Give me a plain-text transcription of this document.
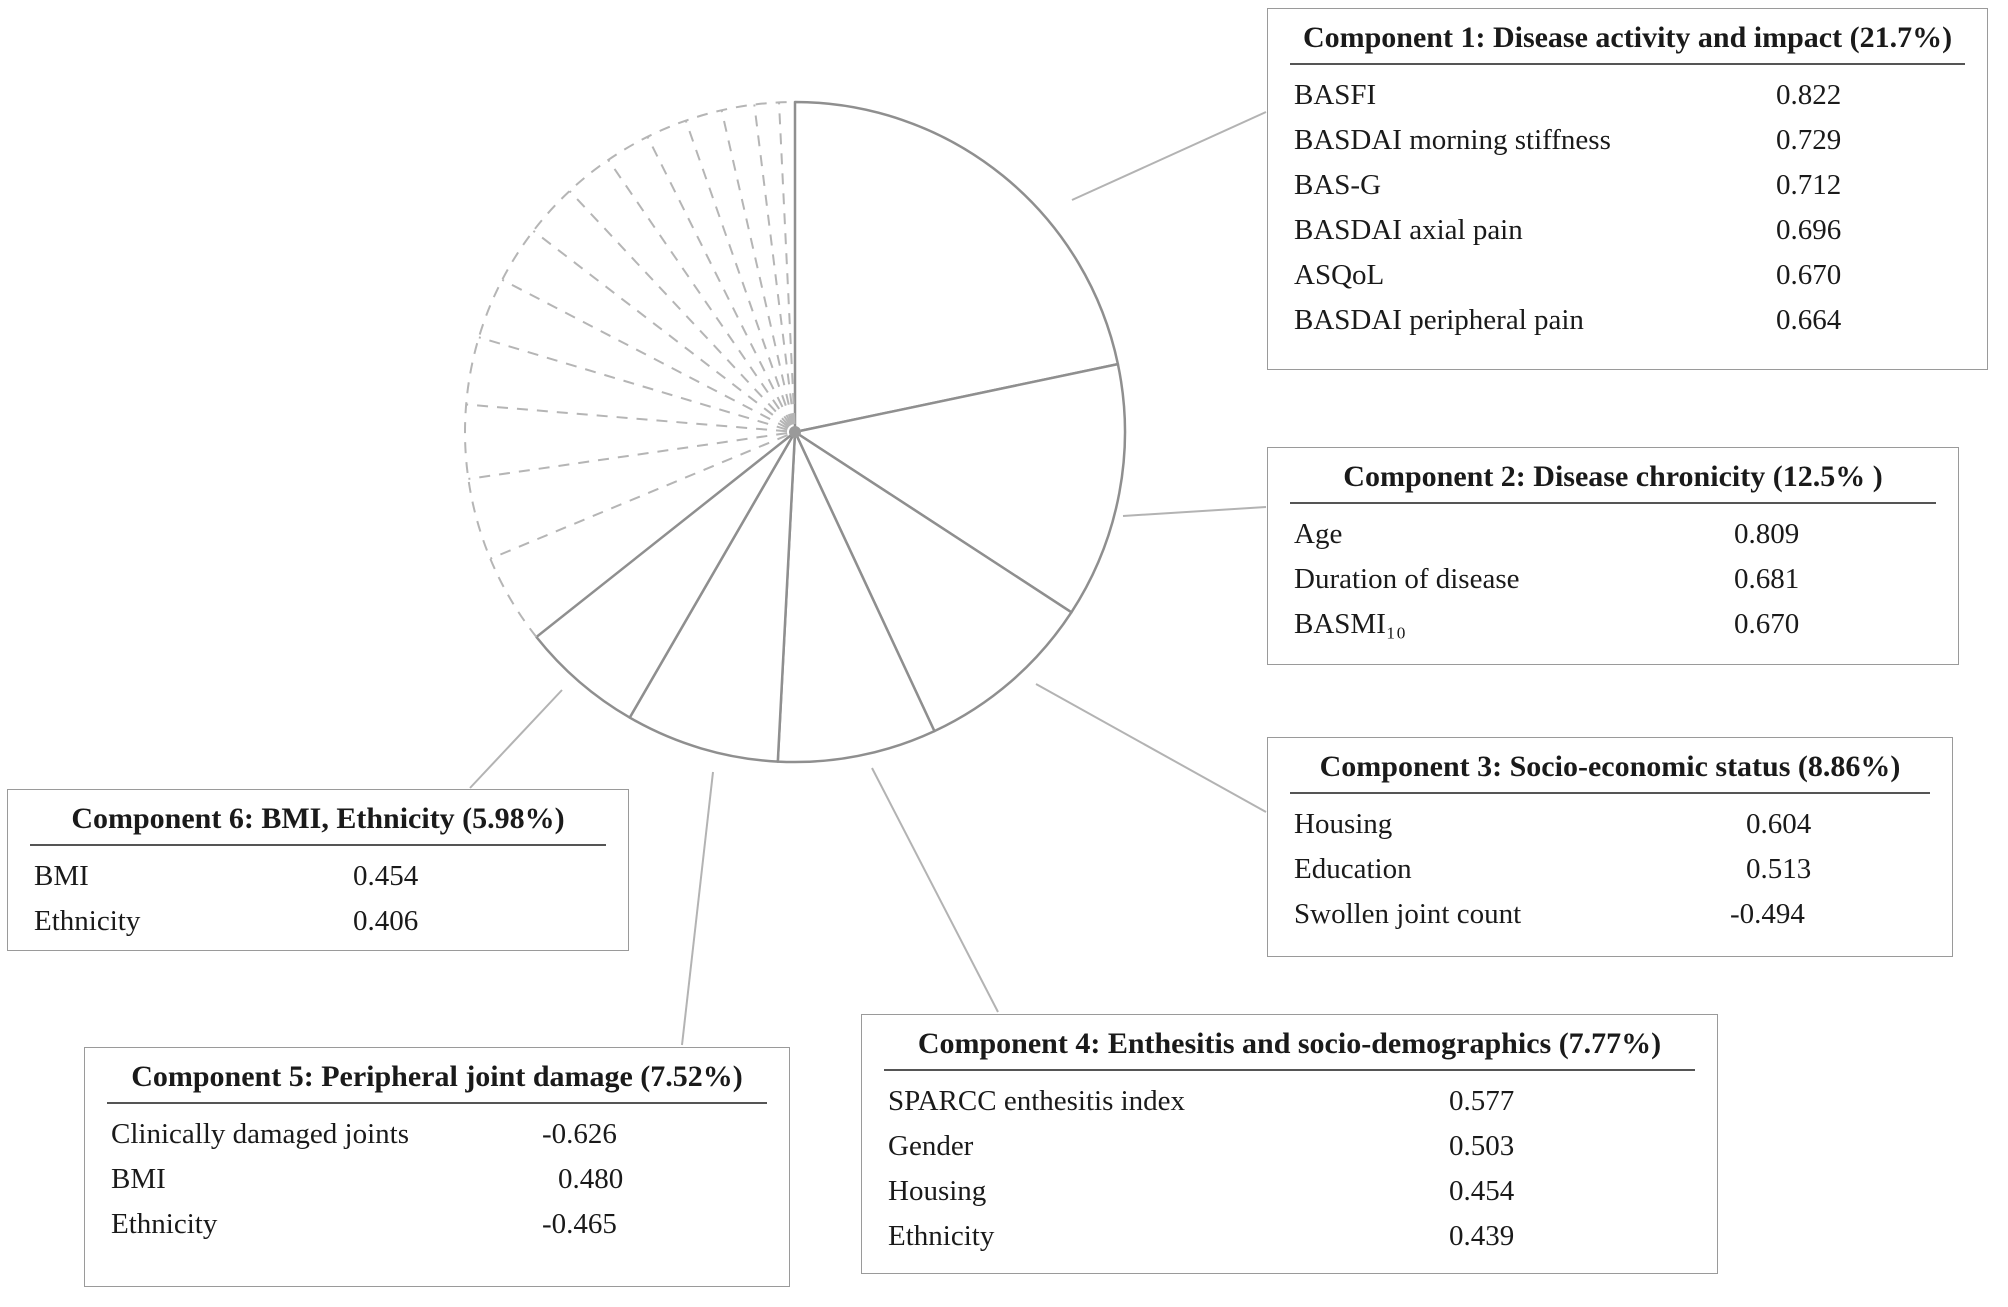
Component 1: Disease activity and impact (21.7%)
BASFI	0.822
BASDAI morning stiffness	0.729
BAS-G	0.712
BASDAI axial pain	0.696
ASQoL	0.670
BASDAI peripheral pain	0.664
Component 2: Disease chronicity (12.5% )
Age	0.809
Duration of disease	0.681
BASMI₁₀	0.670
Component 3: Socio-economic status (8.86%)
Housing	0.604
Education	0.513
Swollen joint count	-0.494
Component 4: Enthesitis and socio-demographics (7.77%)
SPARCC enthesitis index	0.577
Gender	0.503
Housing	0.454
Ethnicity	0.439
Component 5: Peripheral joint damage (7.52%)
Clinically damaged joints	-0.626
BMI	0.480
Ethnicity	-0.465
Component 6: BMI, Ethnicity (5.98%)
BMI	0.454
Ethnicity	0.406
